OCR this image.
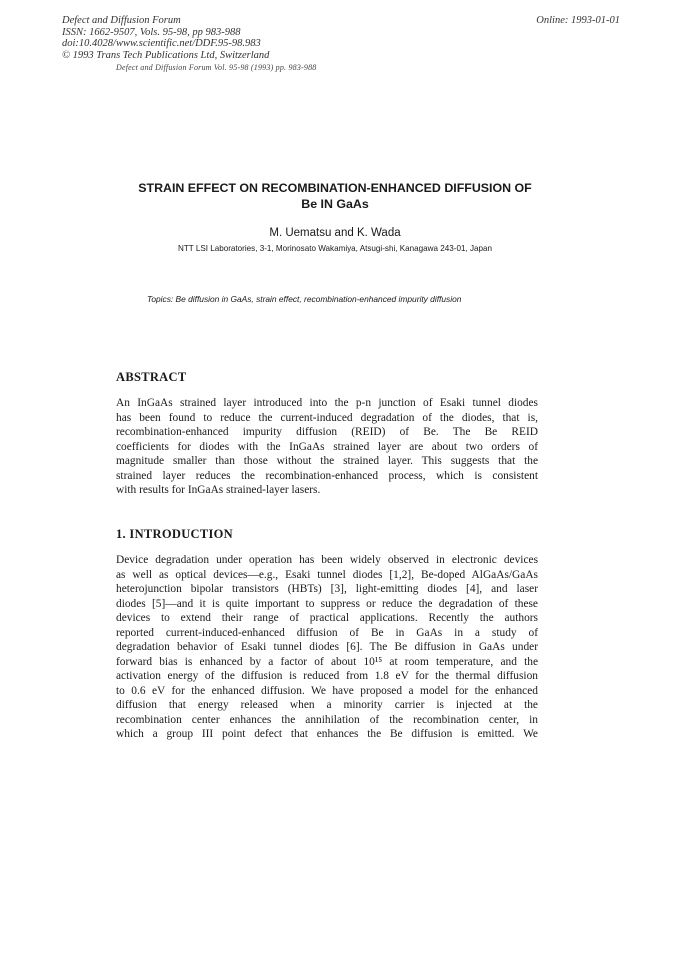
Defect and Diffusion Forum
ISSN: 1662-9507, Vols. 95-98, pp 983-988
doi:10.4028/www.scientific.net/DDF.95-98.983
© 1993 Trans Tech Publications Ltd, Switzerland
Online: 1993-01-01
Defect and Diffusion Forum Vol. 95-98 (1993) pp. 983-988
STRAIN EFFECT ON RECOMBINATION-ENHANCED DIFFUSION OF
Be IN GaAs
M. Uematsu and K. Wada
NTT LSI Laboratories, 3-1, Morinosato Wakamiya, Atsugi-shi, Kanagawa 243-01, Japan
Topics: Be diffusion in GaAs, strain effect, recombination-enhanced impurity diffusion
ABSTRACT
An InGaAs strained layer introduced into the p-n junction of Esaki tunnel diodes
has been found to reduce the current-induced degradation of the diodes, that is,
recombination-enhanced impurity diffusion (REID) of Be. The Be REID
coefficients for diodes with the InGaAs strained layer are about two orders of
magnitude smaller than those without the strained layer. This suggests that the
strained layer reduces the recombination-enhanced process, which is consistent
with results for InGaAs strained-layer lasers.
1. INTRODUCTION
Device degradation under operation has been widely observed in electronic devices
as well as optical devices—e.g., Esaki tunnel diodes [1,2], Be-doped AlGaAs/GaAs
heterojunction bipolar transistors (HBTs) [3], light-emitting diodes [4], and laser
diodes [5]—and it is quite important to suppress or reduce the degradation of these
devices to extend their range of practical applications. Recently the authors
reported current-induced-enhanced diffusion of Be in GaAs in a study of
degradation behavior of Esaki tunnel diodes [6]. The Be diffusion in GaAs under
forward bias is enhanced by a factor of about 10¹⁵ at room temperature, and the
activation energy of the diffusion is reduced from 1.8 eV for the thermal diffusion
to 0.6 eV for the enhanced diffusion. We have proposed a model for the enhanced
diffusion that energy released when a minority carrier is injected at the
recombination center enhances the annihilation of the recombination center, in
which a group III point defect that enhances the Be diffusion is emitted. We
